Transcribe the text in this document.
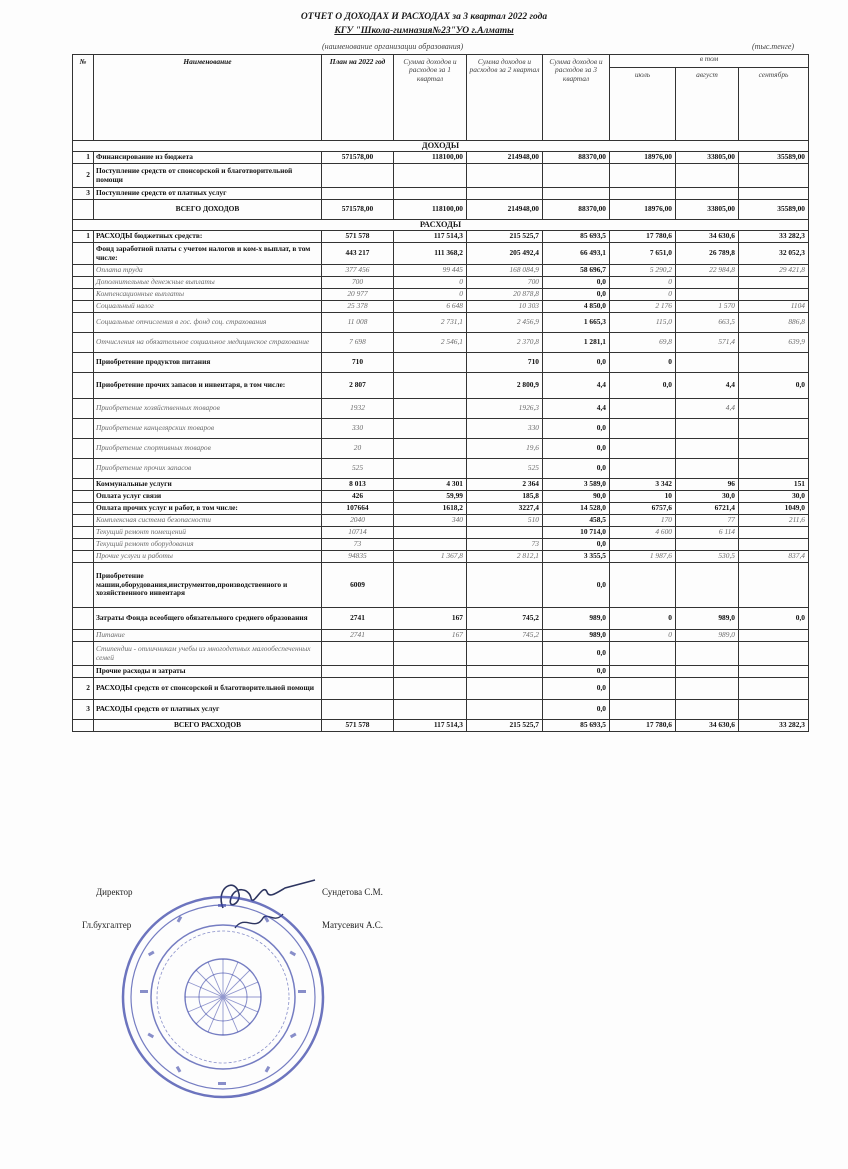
ОТЧЕТ О ДОХОДАХ И РАСХОДАХ за 3 квартал 2022 года
КГУ "Школа-гимназия№23"УО г.Алматы
(наименование организации образования)	(тыс.тенге)
№	Наименование	План на 2022 год	Сумма доходов и расходов за 1 квартал	Сумма доходов и расходов за 2 квартал	Сумма доходов и расходов за 3 квартал	в том		
						июль	август	сентябрь
ДОХОДЫ								
1	Финансирование из бюджета	571578,00	118100,00	214948,00	88370,00	18976,00	33805,00	35589,00
2	Поступление средств от спонсорской и благотворительной помощи							
3	Поступление средств от платных услуг							
	ВСЕГО ДОХОДОВ	571578,00	118100,00	214948,00	88370,00	18976,00	33805,00	35589,00
РАСХОДЫ								
1	РАСХОДЫ бюджетных средств:	571 578	117 514,3	215 525,7	85 693,5	17 780,6	34 630,6	33 282,3
	Фонд заработной платы с учетом налогов и ком-х выплат, в том числе:	443 217	111 368,2	205 492,4	66 493,1	7 651,0	26 789,8	32 052,3
	Оплата труда	377 456	99 445	168 084,9	58 696,7	5 290,2	22 984,8	29 421,8
	Дополнительные денежные выплаты	700	0	700	0,0	0		
	Компенсационные выплаты	20 977	0	20 878,8	0,0	0		
	Социальный налог	25 378	6 648	10 303	4 850,0	2 176	1 570	1104
	Социальные отчисления в гос. фонд соц. страхования	11 008	2 731,1	2 456,9	1 665,3	115,0	663,5	886,8
	Отчисления на обязательное социальное медицинское страхование	7 698	2 546,1	2 370,8	1 281,1	69,8	571,4	639,9
	Приобретение продуктов питания	710		710	0,0	0		
	Приобретение прочих запасов и инвентаря, в том числе:	2 807		2 800,9	4,4	0,0	4,4	0,0
	Приобретение хозяйственных товаров	1932		1926,3	4,4		4,4	
	Приобретение канцелярских товаров	330		330	0,0			
	Приобретение спортивных товаров	20		19,6	0,0			
	Приобретение прочих запасов	525		525	0,0			
	Коммунальные услуги	8 013	4 301	2 364	3 589,0	3 342	96	151
	Оплата услуг связи	426	59,99	185,8	90,0	10	30,0	30,0
	Оплата прочих услуг и работ, в том числе:	107664	1618,2	3227,4	14 528,0	6757,6	6721,4	1049,0
	Комплексная система безопасности	2040	340	510	458,5	170	77	211,6
	Текущий ремонт помещений	10714			10 714,0	4 600	6 114	
	Текущий ремонт оборудования	73		73	0,0			
	Прочие услуги и работы	94835	1 367,8	2 812,1	3 355,5	1 987,6	530,5	837,4
	Приобретение машин,оборудования,инструментов,производственного и хозяйственного инвентаря	6009			0,0			
	Затраты Фонда всеобщего обязательного среднего образования	2741	167	745,2	989,0	0	989,0	0,0
	Питание	2741	167	745,2	989,0	0	989,0	
	Стипендии - отличникам учебы из многодетных малообеспеченных семей				0,0			
	Прочие расходы и затраты				0,0			
2	РАСХОДЫ средств от спонсорской и благотворительной помощи				0,0			
3	РАСХОДЫ средств от платных услуг				0,0			
	ВСЕГО РАСХОДОВ	571 578	117 514,3	215 525,7	85 693,5	17 780,6	34 630,6	33 282,3
Директор	Сундетова С.М.
Гл.бухгалтер	Матусевич А.С.
